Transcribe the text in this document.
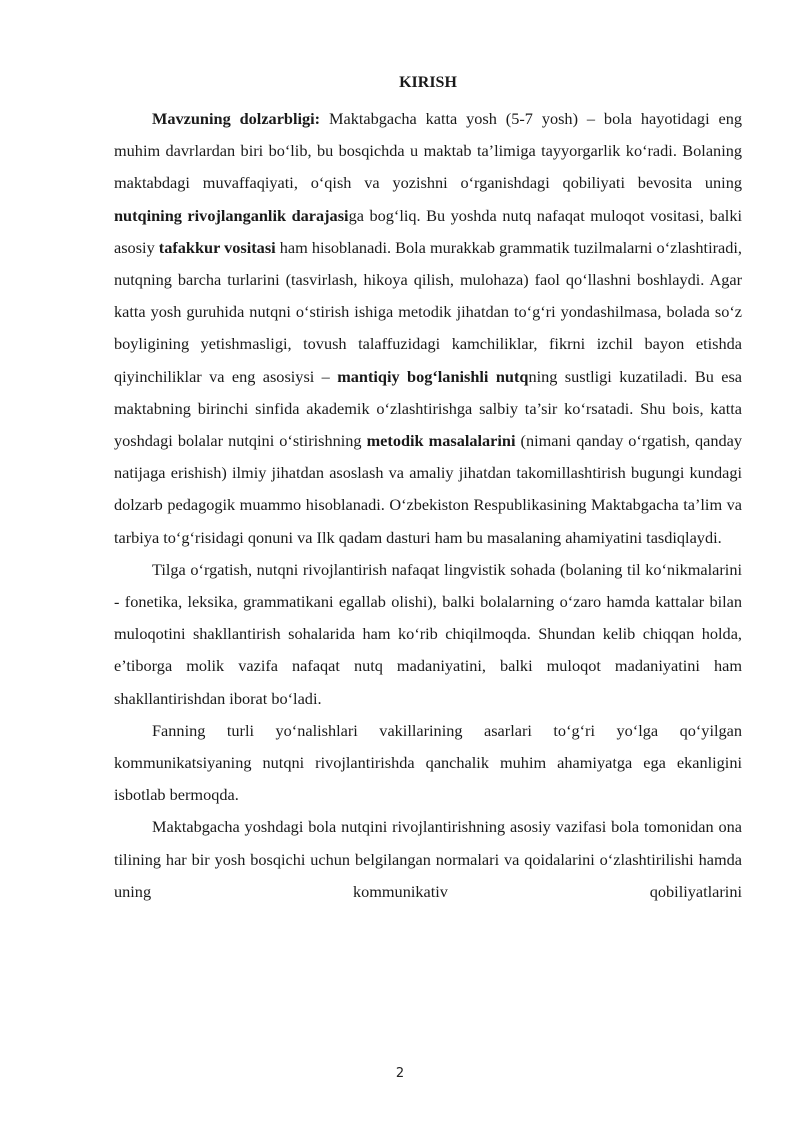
KIRISH

Mavzuning dolzarbligi: Maktabgacha katta yosh (5-7 yosh) – bola hayotidagi eng muhim davrlardan biri bo‘lib, bu bosqichda u maktab ta’limiga tayyorgarlik ko‘radi. Bolaning maktabdagi muvaffaqiyati, o‘qish va yozishni o‘rganishdagi qobiliyati bevosita uning nutqining rivojlanganlik darajasiga bog‘liq. Bu yoshda nutq nafaqat muloqot vositasi, balki asosiy tafakkur vositasi ham hisoblanadi. Bola murakkab grammatik tuzilmalarni o‘zlashtiradi, nutqning barcha turlarini (tasvirlash, hikoya qilish, mulohaza) faol qo‘llashni boshlaydi. Agar katta yosh guruhida nutqni o‘stirish ishiga metodik jihatdan to‘g‘ri yondashilmasa, bolada so‘z boyligining yetishmasligi, tovush talaffuzidagi kamchiliklar, fikrni izchil bayon etishda qiyinchiliklar va eng asosiysi – mantiqiy bog‘lanishli nutqning sustligi kuzatiladi. Bu esa maktabning birinchi sinfida akademik o‘zlashtirishga salbiy ta’sir ko‘rsatadi. Shu bois, katta yoshdagi bolalar nutqini o‘stirishning metodik masalalarini (nimani qanday o‘rgatish, qanday natijaga erishish) ilmiy jihatdan asoslash va amaliy jihatdan takomillashtirish bugungi kundagi dolzarb pedagogik muammo hisoblanadi. O‘zbekiston Respublikasining Maktabgacha ta’lim va tarbiya to‘g‘risidagi qonuni va Ilk qadam dasturi ham bu masalaning ahamiyatini tasdiqlaydi.

Tilga o‘rgatish, nutqni rivojlantirish nafaqat lingvistik sohada (bolaning til ko‘nikmalarini - fonetika, leksika, grammatikani egallab olishi), balki bolalarning o‘zaro hamda kattalar bilan muloqotini shakllantirish sohalarida ham ko‘rib chiqilmoqda. Shundan kelib chiqqan holda, e’tiborga molik vazifa nafaqat nutq madaniyatini, balki muloqot madaniyatini ham shakllantirishdan iborat bo‘ladi.

Fanning turli yo‘nalishlari vakillarining asarlari to‘g‘ri yo‘lga qo‘yilgan kommunikatsiyaning nutqni rivojlantirishda qanchalik muhim ahamiyatga ega ekanligini isbotlab bermoqda.

Maktabgacha yoshdagi bola nutqini rivojlantirishning asosiy vazifasi bola tomonidan ona tilining har bir yosh bosqichi uchun belgilangan normalari va qoidalarini o‘zlashtirilishi hamda uning kommunikativ qobiliyatlarini

2
